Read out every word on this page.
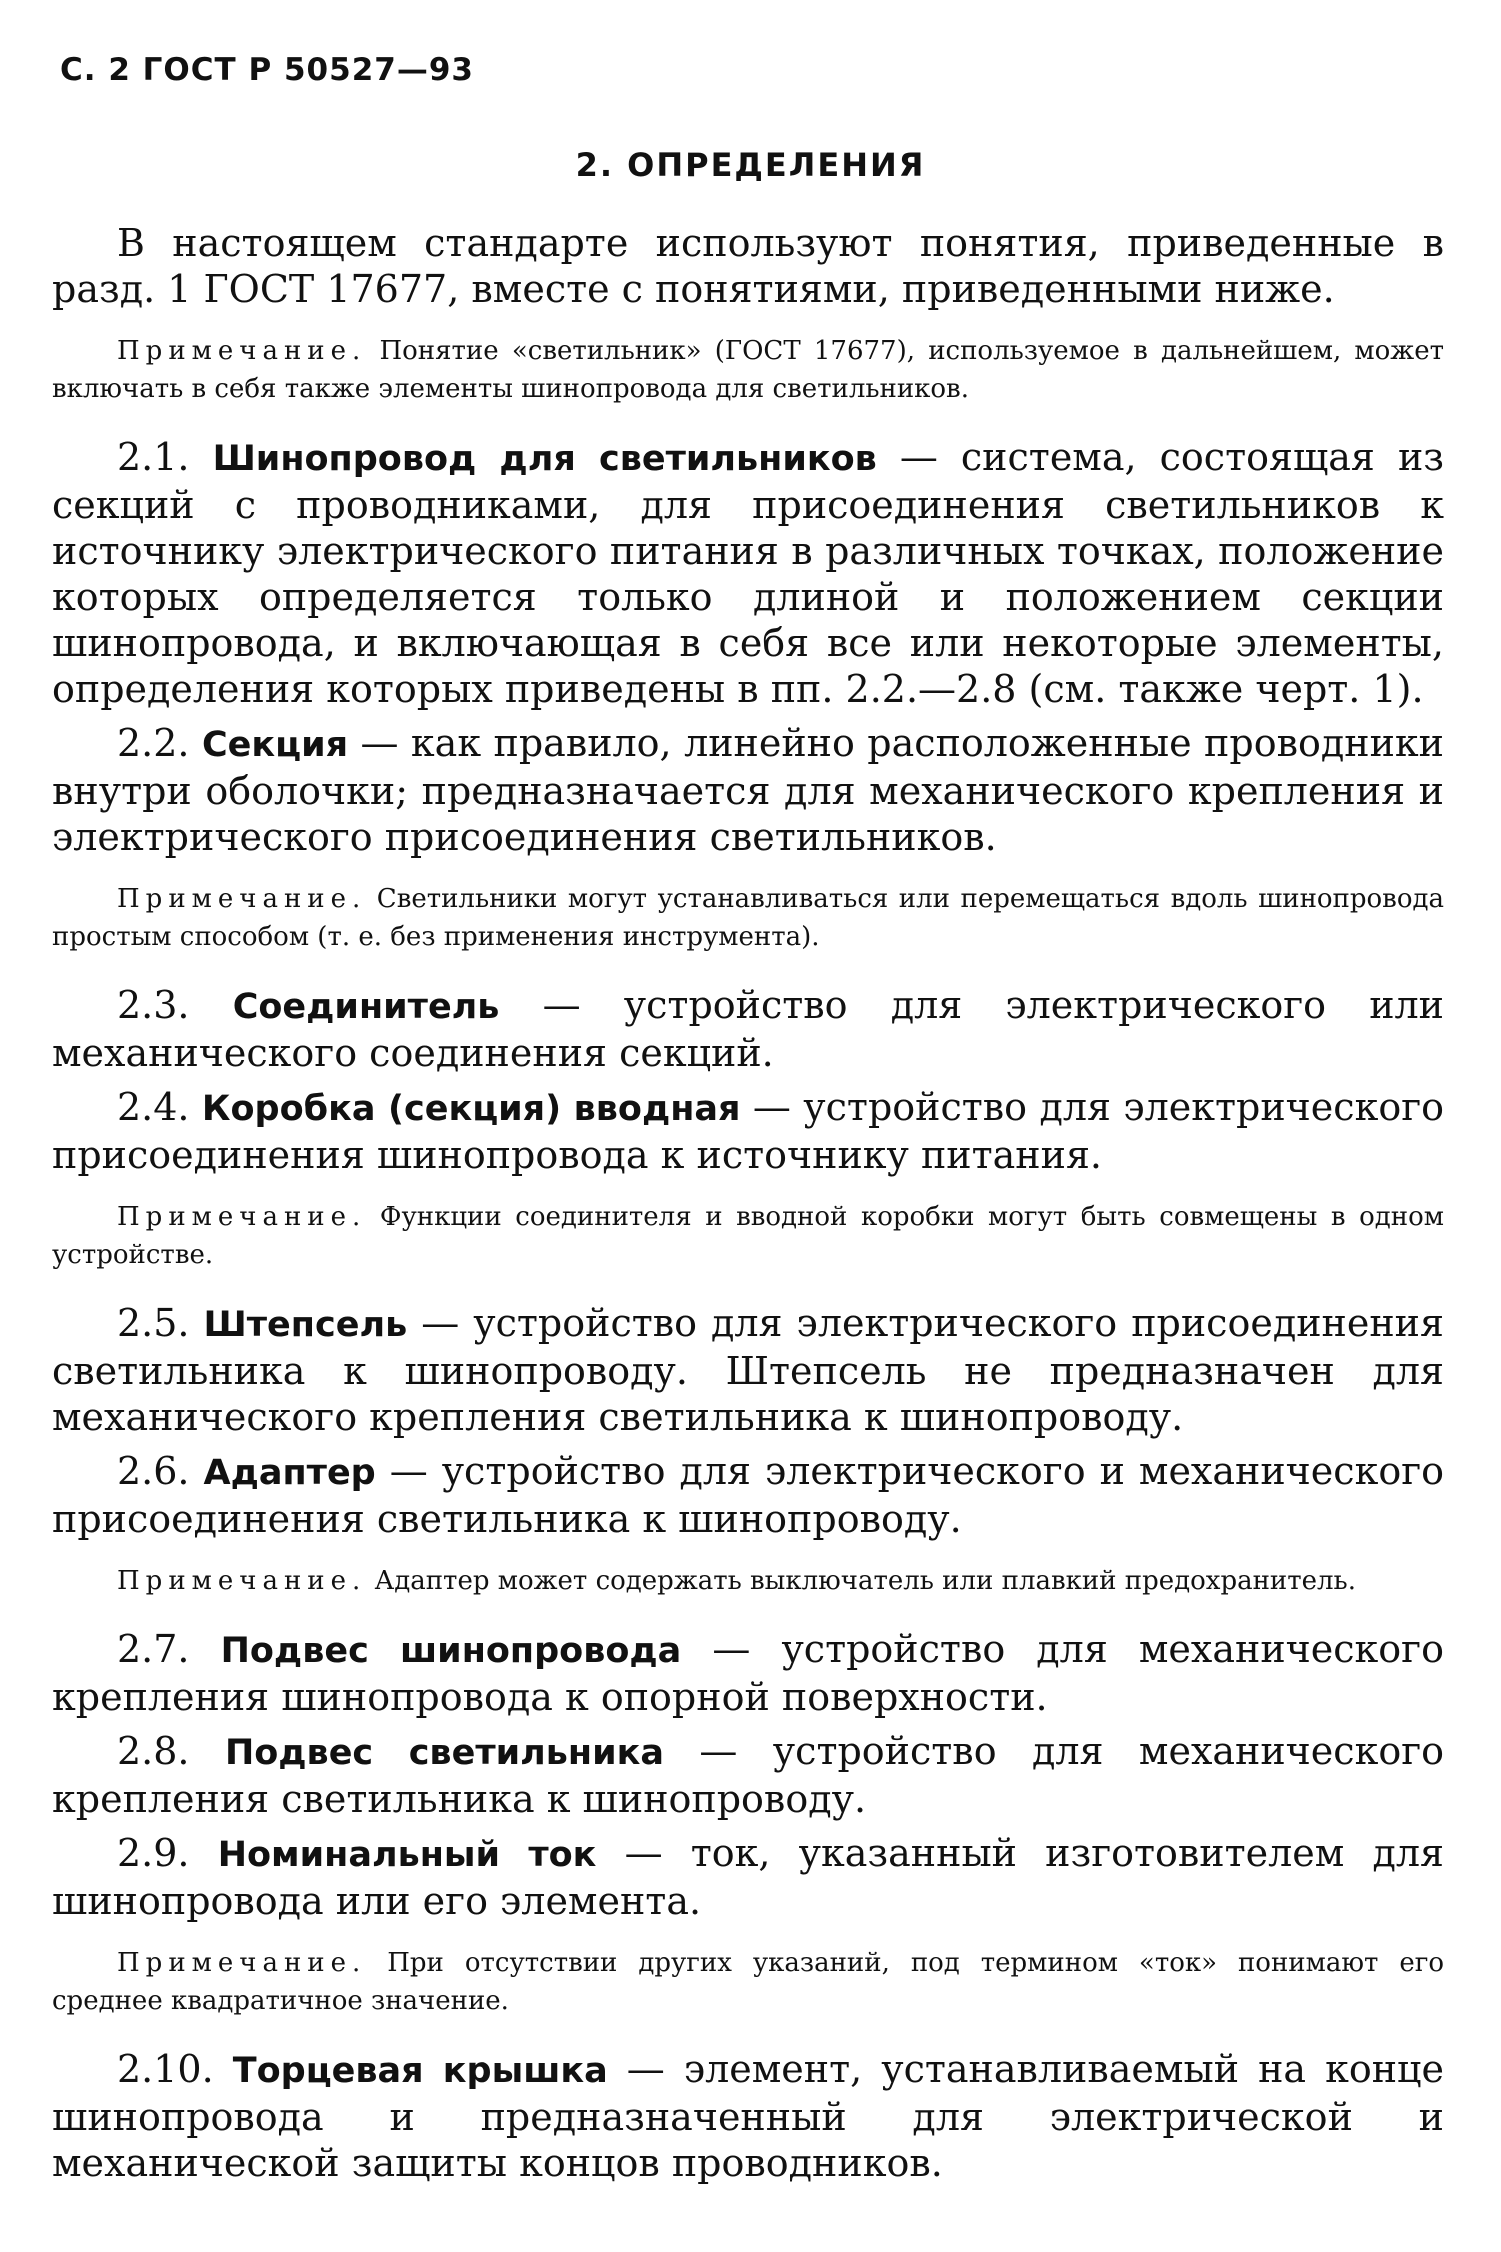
С. 2 ГОСТ Р 50527—93
2. ОПРЕДЕЛЕНИЯ

В настоящем стандарте используют понятия, приведенные в разд. 1 ГОСТ 17677, вместе с понятиями, приведенными ниже.

Примечание. Понятие «светильник» (ГОСТ 17677), используемое в дальнейшем, может включать в себя также элементы шинопровода для светильников.

2.1. Шинопровод для светильников — система, состоящая из секций с проводниками, для присоединения светильников к источнику электрического питания в различных точках, положение которых определяется только длиной и положением секции шинопровода, и включающая в себя все или некоторые элементы, определения которых приведены в пп. 2.2.—2.8 (см. также черт. 1).

2.2. Секция — как правило, линейно расположенные проводники внутри оболочки; предназначается для механического крепления и электрического присоединения светильников.

Примечание. Светильники могут устанавливаться или перемещаться вдоль шинопровода простым способом (т. е. без применения инструмента).

2.3. Соединитель — устройство для электрического или механического соединения секций.

2.4. Коробка (секция) вводная — устройство для электрического присоединения шинопровода к источнику питания.

Примечание. Функции соединителя и вводной коробки могут быть совмещены в одном устройстве.

2.5. Штепсель — устройство для электрического присоединения светильника к шинопроводу. Штепсель не предназначен для механического крепления светильника к шинопроводу.

2.6. Адаптер — устройство для электрического и механического присоединения светильника к шинопроводу.

Примечание. Адаптер может содержать выключатель или плавкий предохранитель.

2.7. Подвес шинопровода — устройство для механического крепления шинопровода к опорной поверхности.

2.8. Подвес светильника — устройство для механического крепления светильника к шинопроводу.

2.9. Номинальный ток — ток, указанный изготовителем для шинопровода или его элемента.

Примечание. При отсутствии других указаний, под термином «ток» понимают его среднее квадратичное значение.

2.10. Торцевая крышка — элемент, устанавливаемый на конце шинопровода и предназначенный для электрической и механической защиты концов проводников.
